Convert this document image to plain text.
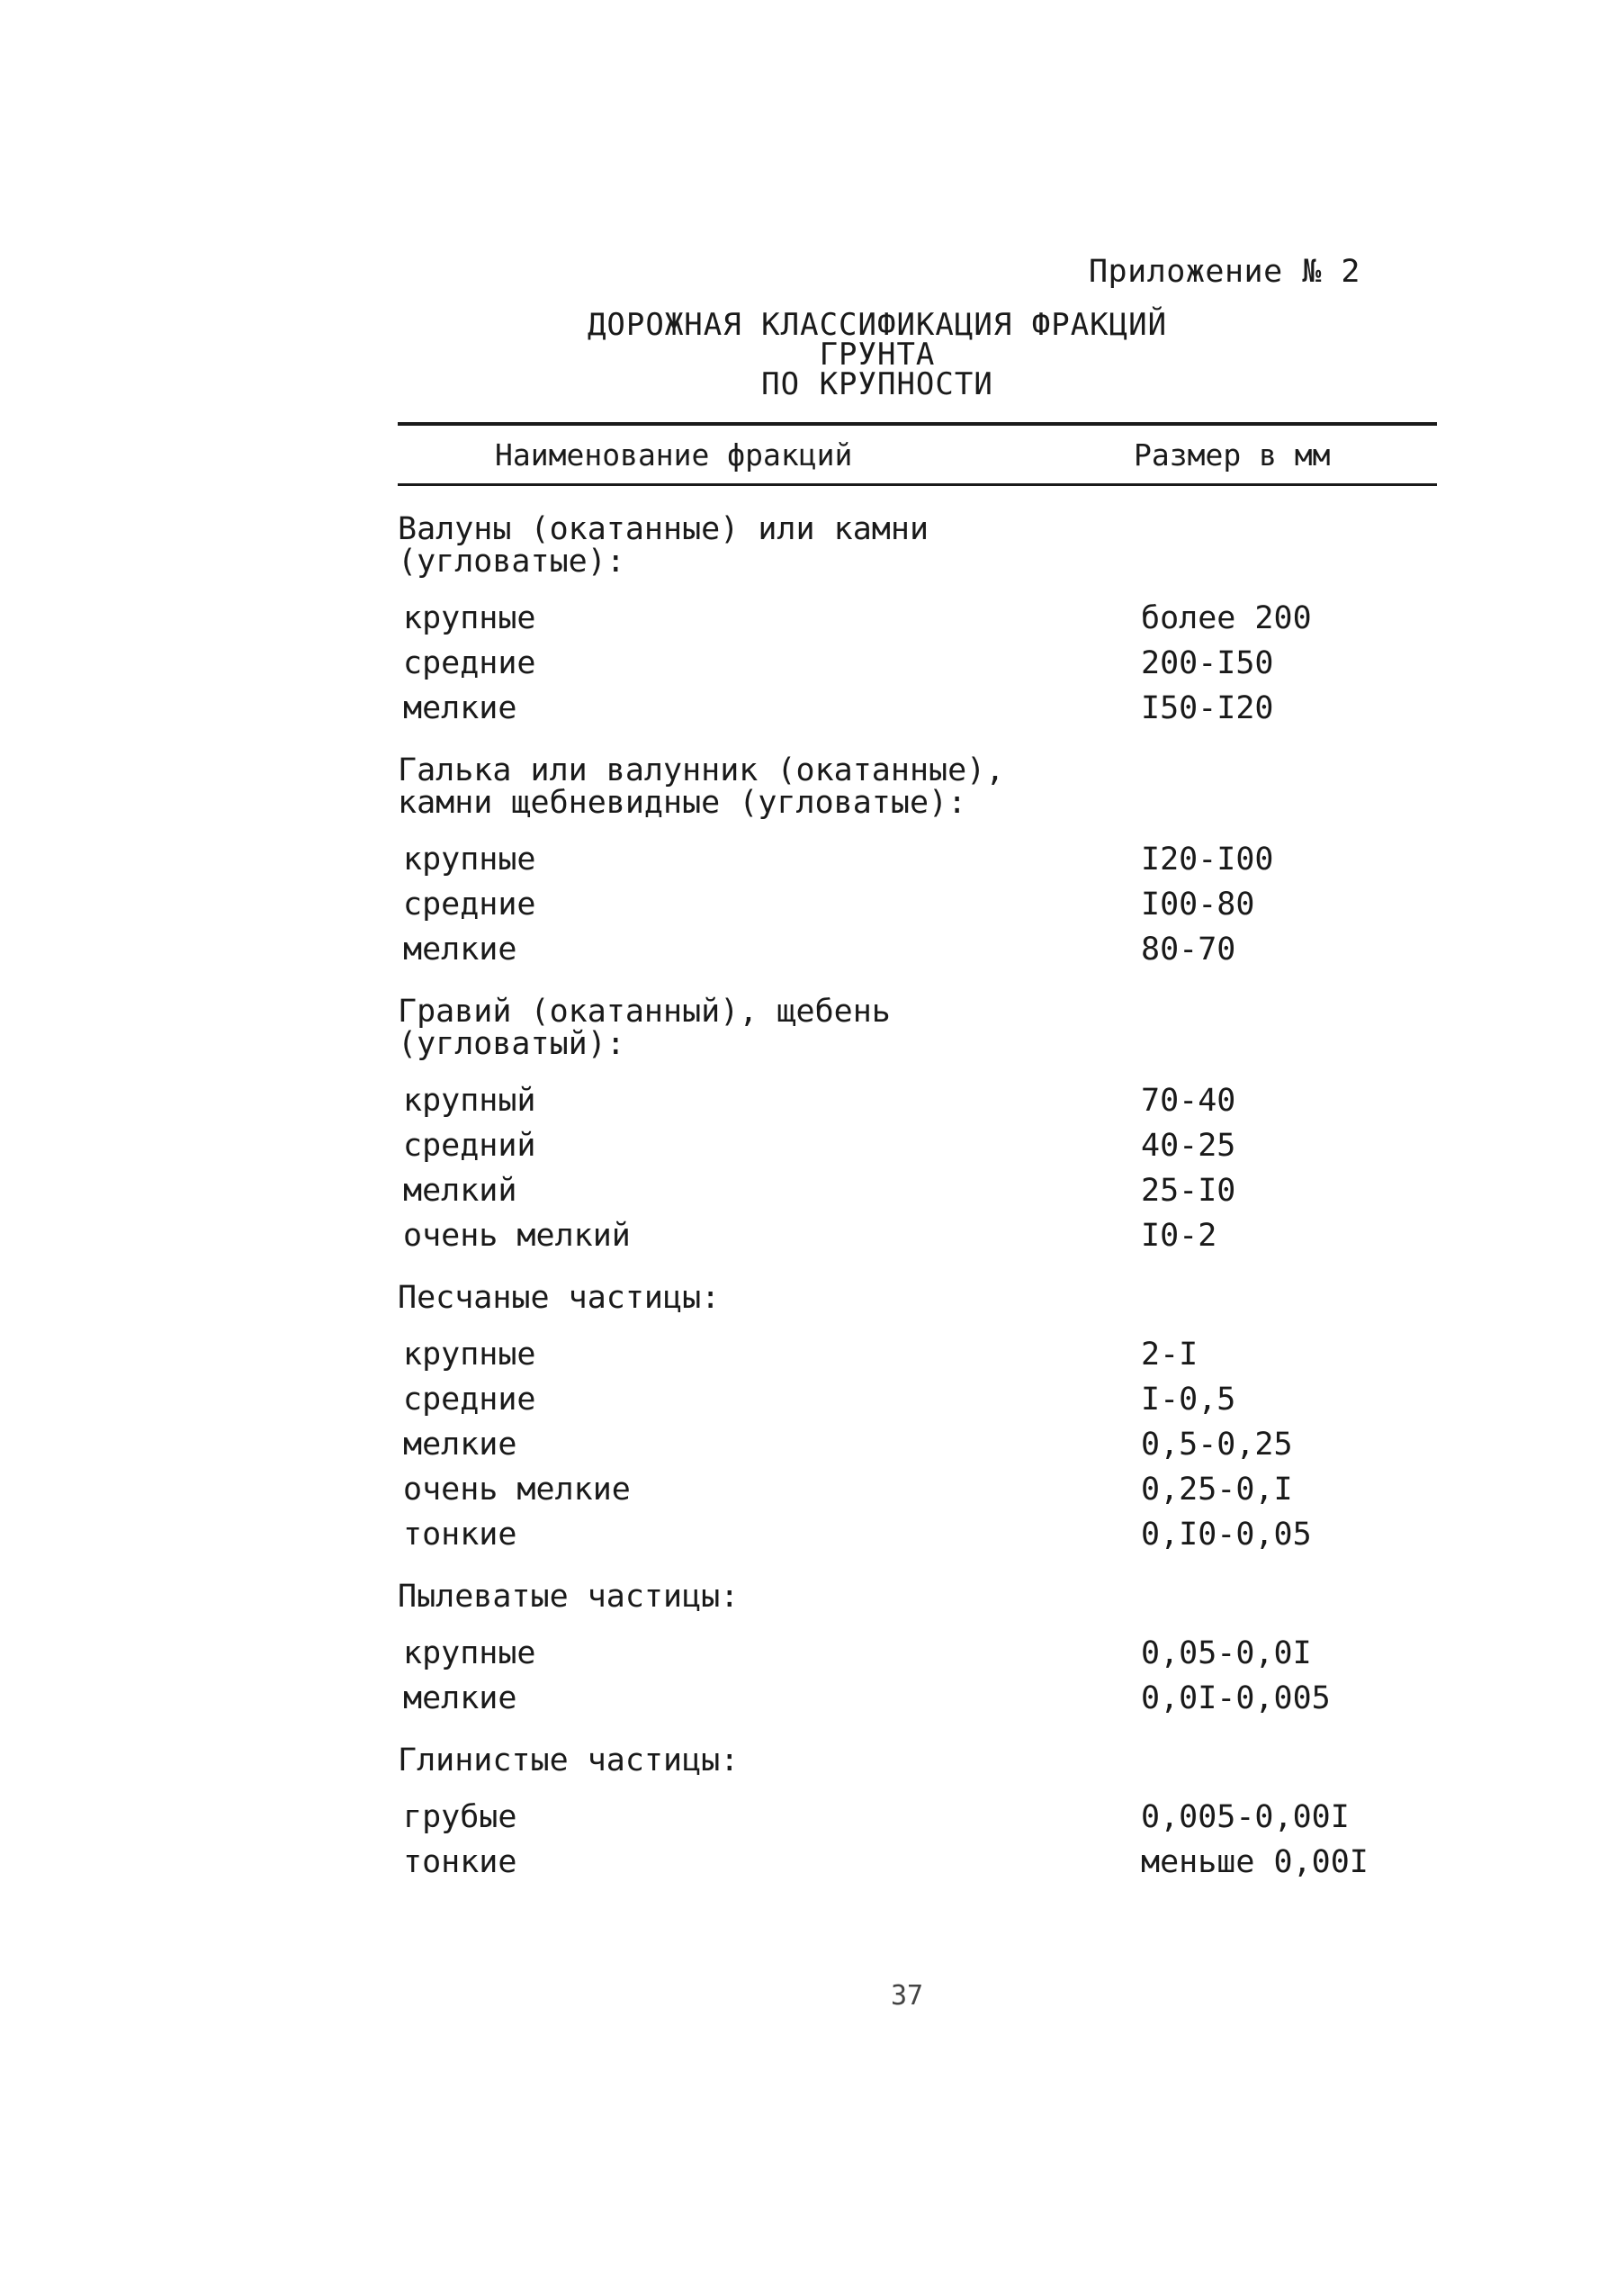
Приложение № 2
ДОРОЖНАЯ КЛАССИФИКАЦИЯ ФРАКЦИЙ ГРУНТА
ПО КРУПНОСТИ
Наименование фракций	Размер в мм
Валуны (окатанные) или камни
(угловатые):
крупные	более 200
средние	200-I50
мелкие	I50-I20
Галька или валунник (окатанные),
камни щебневидные (угловатые):
крупные	I20-I00
средние	I00-80
мелкие	80-70
Гравий (окатанный), щебень
(угловатый):
крупный	70-40
средний	40-25
мелкий	25-I0
очень мелкий	I0-2
Песчаные частицы:
крупные	2-I
средние	I-0,5
мелкие	0,5-0,25
очень мелкие	0,25-0,I
тонкие	0,I0-0,05
Пылеватые частицы:
крупные	0,05-0,0I
мелкие	0,0I-0,005
Глинистые частицы:
грубые	0,005-0,00I
тонкие	меньше 0,00I
37
